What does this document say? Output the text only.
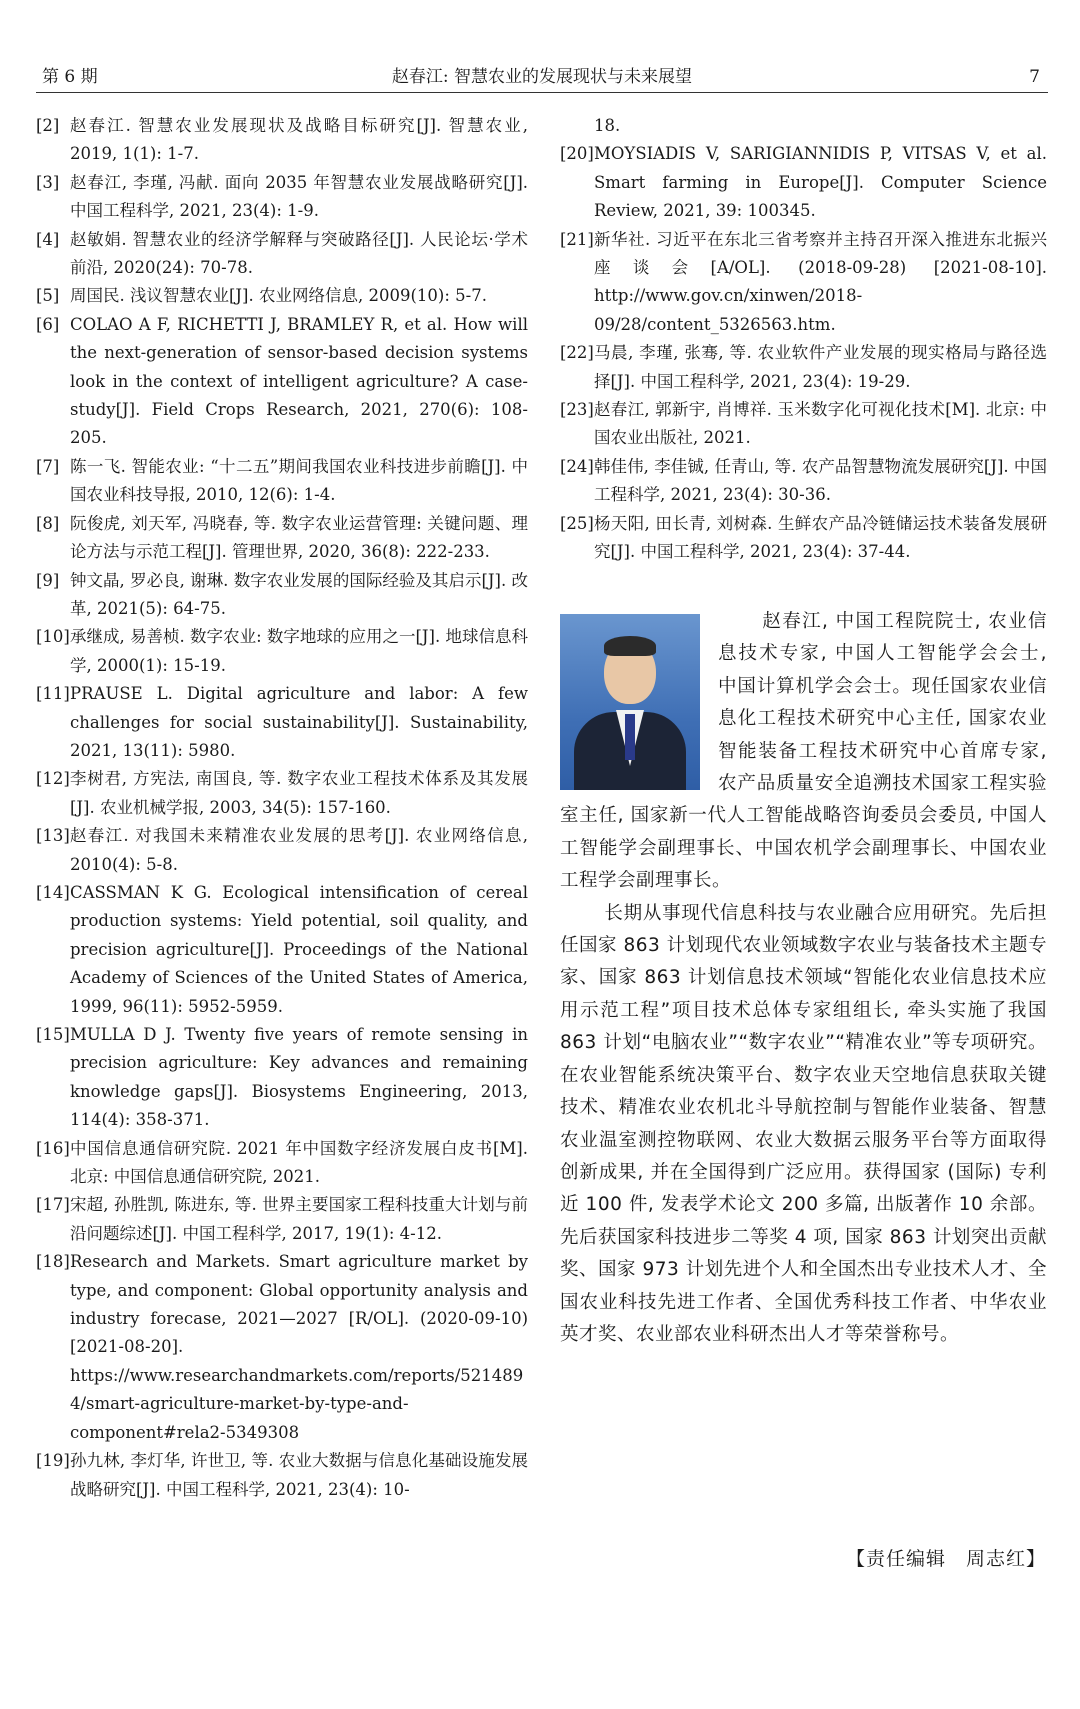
第 6 期	赵春江: 智慧农业的发展现状与未来展望	7
[2] 赵春江. 智慧农业发展现状及战略目标研究[J]. 智慧农业, 2019, 1(1): 1-7.
[3] 赵春江, 李瑾, 冯献. 面向 2035 年智慧农业发展战略研究[J]. 中国工程科学, 2021, 23(4): 1-9.
[4] 赵敏娟. 智慧农业的经济学解释与突破路径[J]. 人民论坛·学术前沿, 2020(24): 70-78.
[5] 周国民. 浅议智慧农业[J]. 农业网络信息, 2009(10): 5-7.
[6] COLAO A F, RICHETTI J, BRAMLEY R, et al. How will the next-generation of sensor-based decision systems look in the context of intelligent agriculture? A case-study[J]. Field Crops Research, 2021, 270(6): 108-205.
[7] 陈一飞. 智能农业: “十二五”期间我国农业科技进步前瞻[J]. 中国农业科技导报, 2010, 12(6): 1-4.
[8] 阮俊虎, 刘天军, 冯晓春, 等. 数字农业运营管理: 关键问题、理论方法与示范工程[J]. 管理世界, 2020, 36(8): 222-233.
[9] 钟文晶, 罗必良, 谢琳. 数字农业发展的国际经验及其启示[J]. 改革, 2021(5): 64-75.
[10] 承继成, 易善桢. 数字农业: 数字地球的应用之一[J]. 地球信息科学, 2000(1): 15-19.
[11] PRAUSE L. Digital agriculture and labor: A few challenges for social sustainability[J]. Sustainability, 2021, 13(11): 5980.
[12] 李树君, 方宪法, 南国良, 等. 数字农业工程技术体系及其发展[J]. 农业机械学报, 2003, 34(5): 157-160.
[13] 赵春江. 对我国未来精准农业发展的思考[J]. 农业网络信息, 2010(4): 5-8.
[14] CASSMAN K G. Ecological intensification of cereal production systems: Yield potential, soil quality, and precision agriculture[J]. Proceedings of the National Academy of Sciences of the United States of America, 1999, 96(11): 5952-5959.
[15] MULLA D J. Twenty five years of remote sensing in precision agriculture: Key advances and remaining knowledge gaps[J]. Biosystems Engineering, 2013, 114(4): 358-371.
[16] 中国信息通信研究院. 2021 年中国数字经济发展白皮书[M]. 北京: 中国信息通信研究院, 2021.
[17] 宋超, 孙胜凯, 陈进东, 等. 世界主要国家工程科技重大计划与前沿问题综述[J]. 中国工程科学, 2017, 19(1): 4-12.
[18] Research and Markets. Smart agriculture market by type, and component: Global opportunity analysis and industry forecase, 2021—2027 [R/OL]. (2020-09-10)[2021-08-20]. https://www.researchandmarkets.com/reports/5214894/smart-agriculture-market-by-type-and-component#rela2-5349308
[19] 孙九林, 李灯华, 许世卫, 等. 农业大数据与信息化基础设施发展战略研究[J]. 中国工程科学, 2021, 23(4): 10-
18.
[20] MOYSIADIS V, SARIGIANNIDIS P, VITSAS V, et al. Smart farming in Europe[J]. Computer Science Review, 2021, 39: 100345.
[21] 新华社. 习近平在东北三省考察并主持召开深入推进东北振兴座谈会[A/OL]. (2018-09-28) [2021-08-10]. http://www.gov.cn/xinwen/2018-09/28/content_5326563.htm.
[22] 马晨, 李瑾, 张骞, 等. 农业软件产业发展的现实格局与路径选择[J]. 中国工程科学, 2021, 23(4): 19-29.
[23] 赵春江, 郭新宇, 肖博祥. 玉米数字化可视化技术[M]. 北京: 中国农业出版社, 2021.
[24] 韩佳伟, 李佳铖, 任青山, 等. 农产品智慧物流发展研究[J]. 中国工程科学, 2021, 23(4): 30-36.
[25] 杨天阳, 田长青, 刘树森. 生鲜农产品冷链储运技术装备发展研究[J]. 中国工程科学, 2021, 23(4): 37-44.

赵春江, 中国工程院院士, 农业信息技术专家, 中国人工智能学会会士, 中国计算机学会会士。现任国家农业信息化工程技术研究中心主任, 国家农业智能装备工程技术研究中心首席专家, 农产品质量安全追溯技术国家工程实验室主任, 国家新一代人工智能战略咨询委员会委员, 中国人工智能学会副理事长、中国农机学会副理事长、中国农业工程学会副理事长。

长期从事现代信息科技与农业融合应用研究。先后担任国家 863 计划现代农业领域数字农业与装备技术主题专家、国家 863 计划信息技术领域“智能化农业信息技术应用示范工程”项目技术总体专家组组长, 牵头实施了我国 863 计划“电脑农业”“数字农业”“精准农业”等专项研究。在农业智能系统决策平台、数字农业天空地信息获取关键技术、精准农业农机北斗导航控制与智能作业装备、智慧农业温室测控物联网、农业大数据云服务平台等方面取得创新成果, 并在全国得到广泛应用。获得国家 (国际) 专利近 100 件, 发表学术论文 200 多篇, 出版著作 10 余部。先后获国家科技进步二等奖 4 项, 国家 863 计划突出贡献奖、国家 973 计划先进个人和全国杰出专业技术人才、全国农业科技先进工作者、全国优秀科技工作者、中华农业英才奖、农业部农业科研杰出人才等荣誉称号。

【责任编辑　周志红】
